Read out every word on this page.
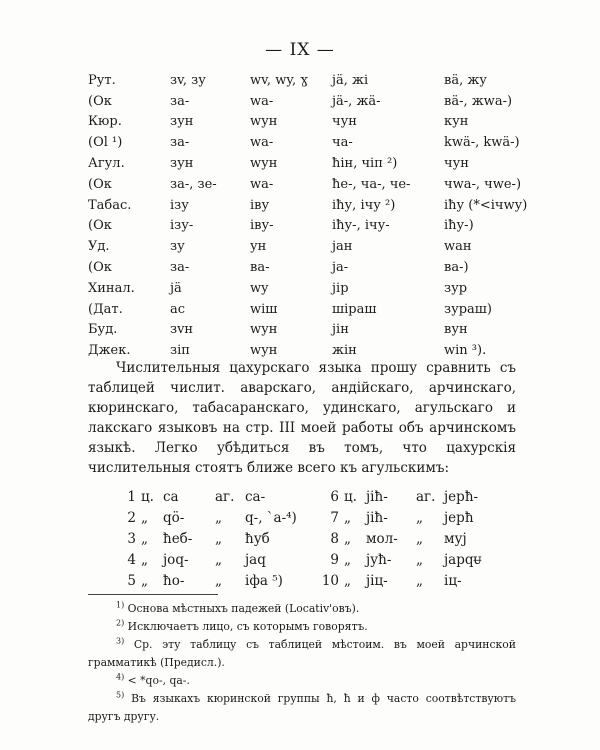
— IX —
Рут.	зv, зу	wv, wy, ɣ	jä, жі	вä, жу
(Ок	за-	wa-	jä-, жä-	вä-, жwa-)
Кюр.	зун	wун	чун	кун
(Ol ¹)	за-	wa-	ча-	kwä-, kwä-)
Агул.	зун	wун	ħiн, чiп ²)	чун
(Ок	за-, зе-	wa-	ħe-, ча-, че-	чwa-, чwe-)
Табас.	iзу	iву	iħу, ічу ²)	iħу (*<ічwу)
(Ок	iзу-	iву-	iħу-, ічу-	iħу-)
Уд.	зу	ун	jан	wан
(Ок	за-	ва-	ja-	ва-)
Хинал.	jä	wy	jiр	зур
(Дат.	ас	wiш	шiраш	зураш)
Буд.	зvн	wун	jiн	вун
Джек.	зiп	wун	жiн	win ³).

Числительныя цахурскаго языка прошу сравнить съ таблицей числит. аварскаго, андійскаго, арчинскаго, кюринскаго, табасаранскаго, удинскаго, агульскаго и лакскаго языковъ на стр. III моей работы объ арчинскомъ языкѣ. Легко убѣдиться въ томъ, что цахурскія числительныя стоятъ ближе всего къ агульскимъ:

1	ц.	са	аг.	са-	6	ц.	jiħ-	аг.	jерħ-
2	„	qö-	„	q-, ˋa-⁴)	7	„	jiħ-	„	jерħ
3	„	ħеб-	„	ħуб	8	„	мол-	„	муj
4	„	joq-	„	jaq	9	„	jуħ-	„	jарqᵾ
5	„	ħо-	„	iфа ⁵)	10	„	jiц-	„	iц-

$^{1)}$ Основа мѣстныхъ падежей (Locativ'овъ).

$^{2)}$ Исключаетъ лицо, съ которымъ говорятъ.

$^{3)}$ Ср. эту таблицу съ таблицей мѣстоим. въ моей арчинской грамматикѣ (Предисл.).

$^{4)}$ < *qo-, qa-.

$^{5)}$ Въ языкахъ кюринской группы ħ, ħ и ф часто соотвѣтствуютъ другъ другу.
